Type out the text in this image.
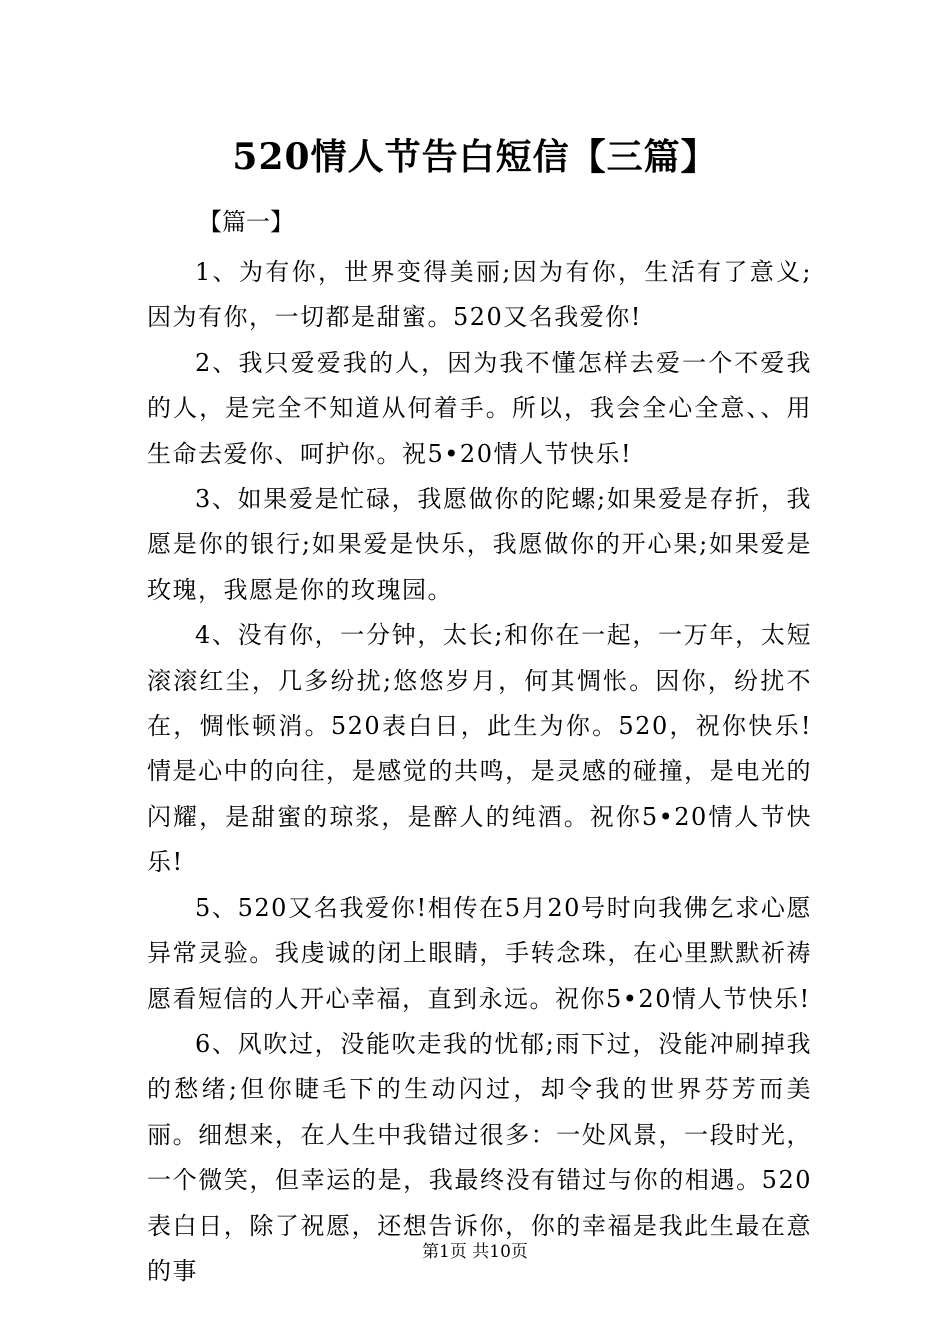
520情人节告白短信【三篇】
【篇一】

1、为有你，世界变得美丽;因为有你，生活有了意义;因为有你，一切都是甜蜜。520又名我爱你!

2、我只爱爱我的人，因为我不懂怎样去爱一个不爱我的人，是完全不知道从何着手。所以，我会全心全意、、用生命去爱你、呵护你。祝5•20情人节快乐!

3、如果爱是忙碌，我愿做你的陀螺;如果爱是存折，我愿是你的银行;如果爱是快乐，我愿做你的开心果;如果爱是玫瑰，我愿是你的玫瑰园。

4、没有你，一分钟，太长;和你在一起，一万年，太短滚滚红尘，几多纷扰;悠悠岁月，何其惆怅。因你，纷扰不在，惆怅顿消。520表白日，此生为你。520，祝你快乐!情是心中的向往，是感觉的共鸣，是灵感的碰撞，是电光的闪耀，是甜蜜的琼浆，是醉人的纯酒。祝你5•20情人节快乐!

5、520又名我爱你!相传在5月20号时向我佛乞求心愿异常灵验。我虔诚的闭上眼睛，手转念珠，在心里默默祈祷愿看短信的人开心幸福，直到永远。祝你5•20情人节快乐!

6、风吹过，没能吹走我的忧郁;雨下过，没能冲刷掉我的愁绪;但你睫毛下的生动闪过，却令我的世界芬芳而美丽。细想来，在人生中我错过很多：一处风景，一段时光，一个微笑，但幸运的是，我最终没有错过与你的相遇。520表白日，除了祝愿，还想告诉你，你的幸福是我此生最在意的事

第1页 共10页
